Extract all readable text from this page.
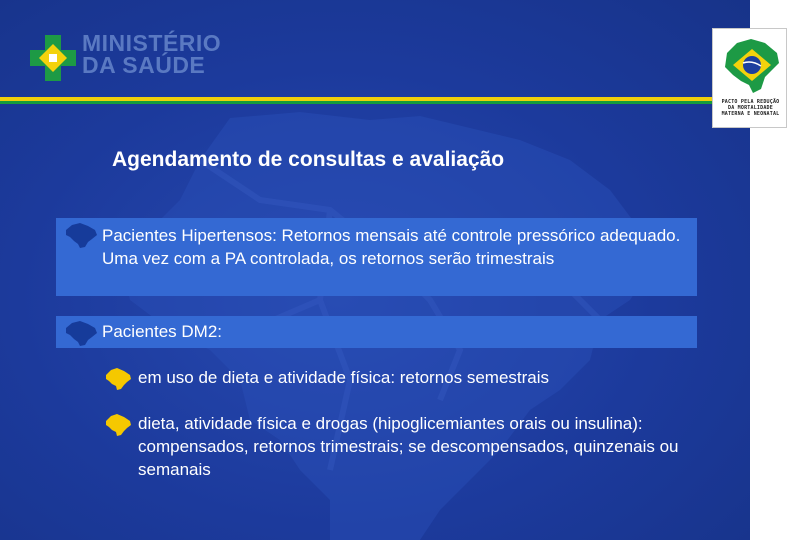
MINISTÉRIO
DA SAÚDE
Agendamento de consultas e avaliação
Pacientes Hipertensos: Retornos mensais até controle pressórico adequado. Uma vez com a PA controlada, os retornos serão trimestrais
Pacientes DM2:
em uso de dieta e atividade física: retornos semestrais
dieta, atividade física e drogas (hipoglicemiantes orais ou insulina): compensados, retornos trimestrais; se descompensados, quinzenais ou semanais
PACTO PELA REDUÇÃO DA MORTALIDADE MATERNA E NEONATAL
